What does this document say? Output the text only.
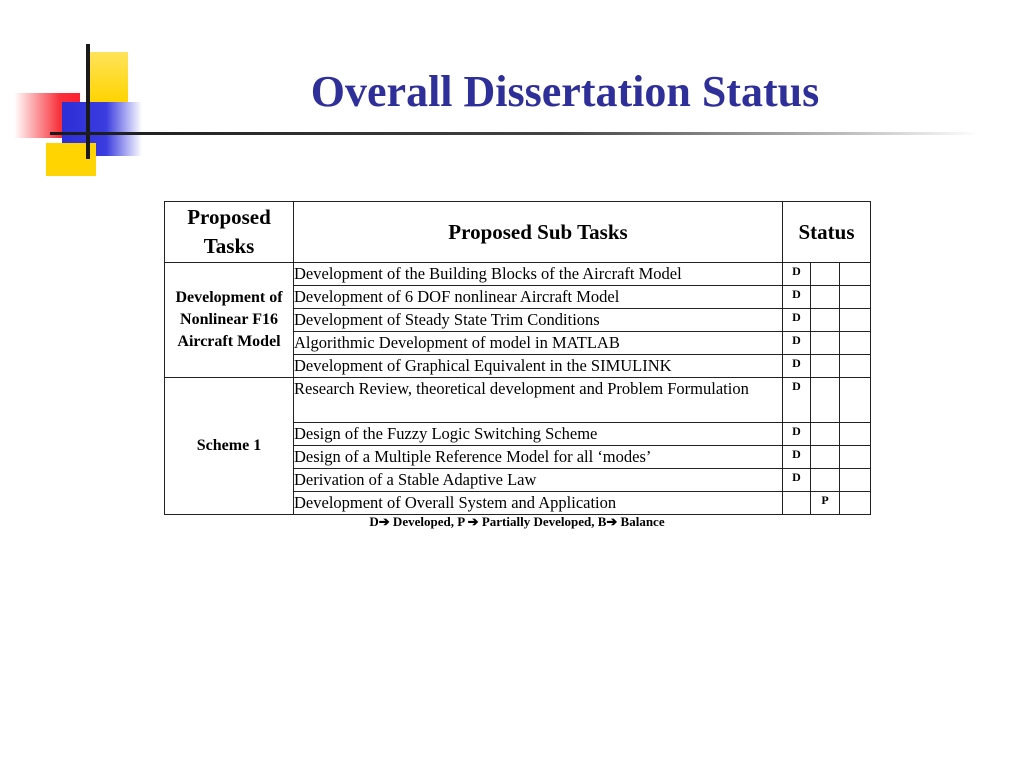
Overall Dissertation Status
Proposed Tasks	Proposed Sub Tasks	Status		
Development of Nonlinear F16 Aircraft Model	Development of the Building Blocks of the Aircraft Model	D		
	Development of 6 DOF nonlinear Aircraft Model	D		
	Development of Steady State Trim Conditions	D		
	Algorithmic Development of model in MATLAB	D		
	Development of Graphical Equivalent in the SIMULINK	D		
Scheme 1	Research Review, theoretical development and Problem Formulation	D		
	Design of the Fuzzy Logic Switching Scheme	D		
	Design of a Multiple Reference Model for all ‘modes’	D		
	Derivation of a Stable Adaptive Law	D		
	Development of Overall System and Application		P	
D➔ Developed, P ➔ Partially Developed, B➔ Balance
